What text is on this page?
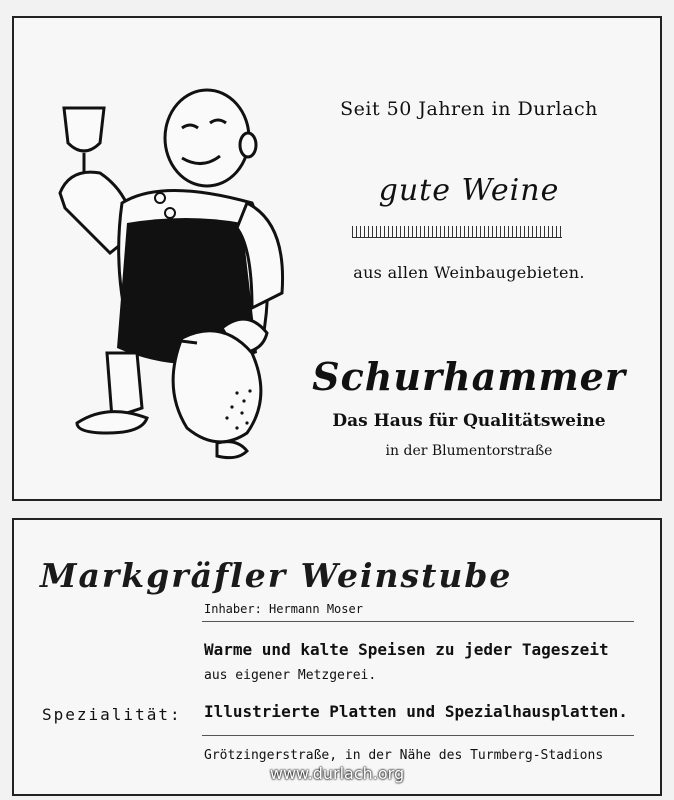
Seit 50 Jahren in Durlach
gute Weine
aus allen Weinbaugebieten.
Schurhammer
Das Haus für Qualitätsweine
in der Blumentorstraße
Markgräfler Weinstube
Inhaber: Hermann Moser
Warme und kalte Speisen zu jeder Tageszeit
aus eigener Metzgerei.
Spezialität: Illustrierte Platten und Spezialhausplatten.
Grötzingerstraße, in der Nähe des Turmberg-Stadions
www.durlach.org
